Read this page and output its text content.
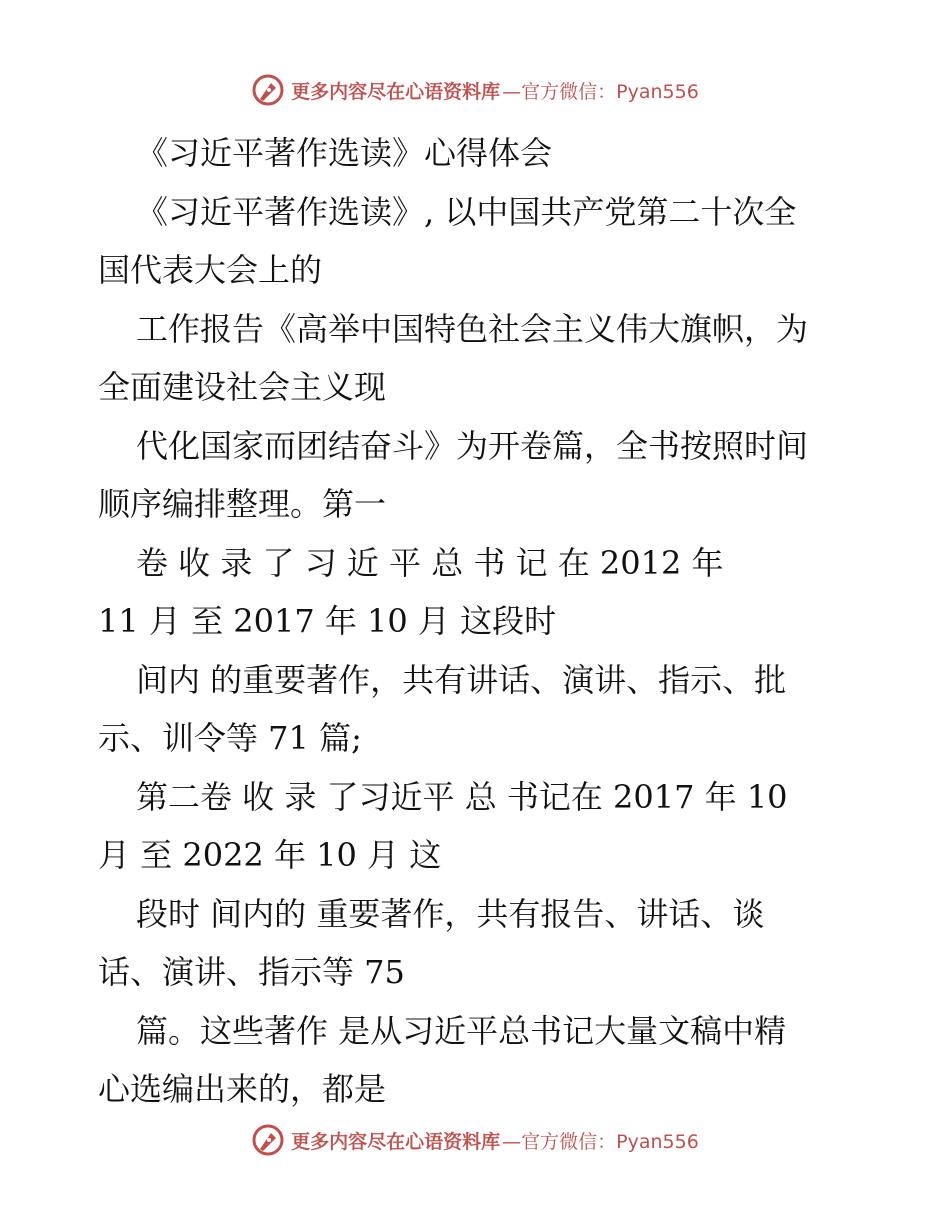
更多内容尽在心语资料库 —官方微信：Pyan556
《习近平著作选读》心得体会
《习近平著作选读》, 以中国共产党第二十次全
国代表大会上的
工作报告《高举中国特色社会主义伟大旗帜，为
全面建设社会主义现
代化国家而团结奋斗》为开卷篇，全书按照时间
顺序编排整理。第一
卷 收 录 了 习 近 平 总 书 记 在 2012 年
11 月 至 2017 年 10 月 这段时
间内 的重要著作，共有讲话、演讲、指示、批
示、训令等 71 篇;
第二卷 收 录 了习近平 总 书记在 2017 年 10
月 至 2022 年 10 月 这
段时 间内的 重要著作，共有报告、讲话、谈
话、演讲、指示等 75
篇。这些著作 是从习近平总书记大量文稿中精
心选编出来的，都是
更多内容尽在心语资料库 —官方微信：Pyan556
